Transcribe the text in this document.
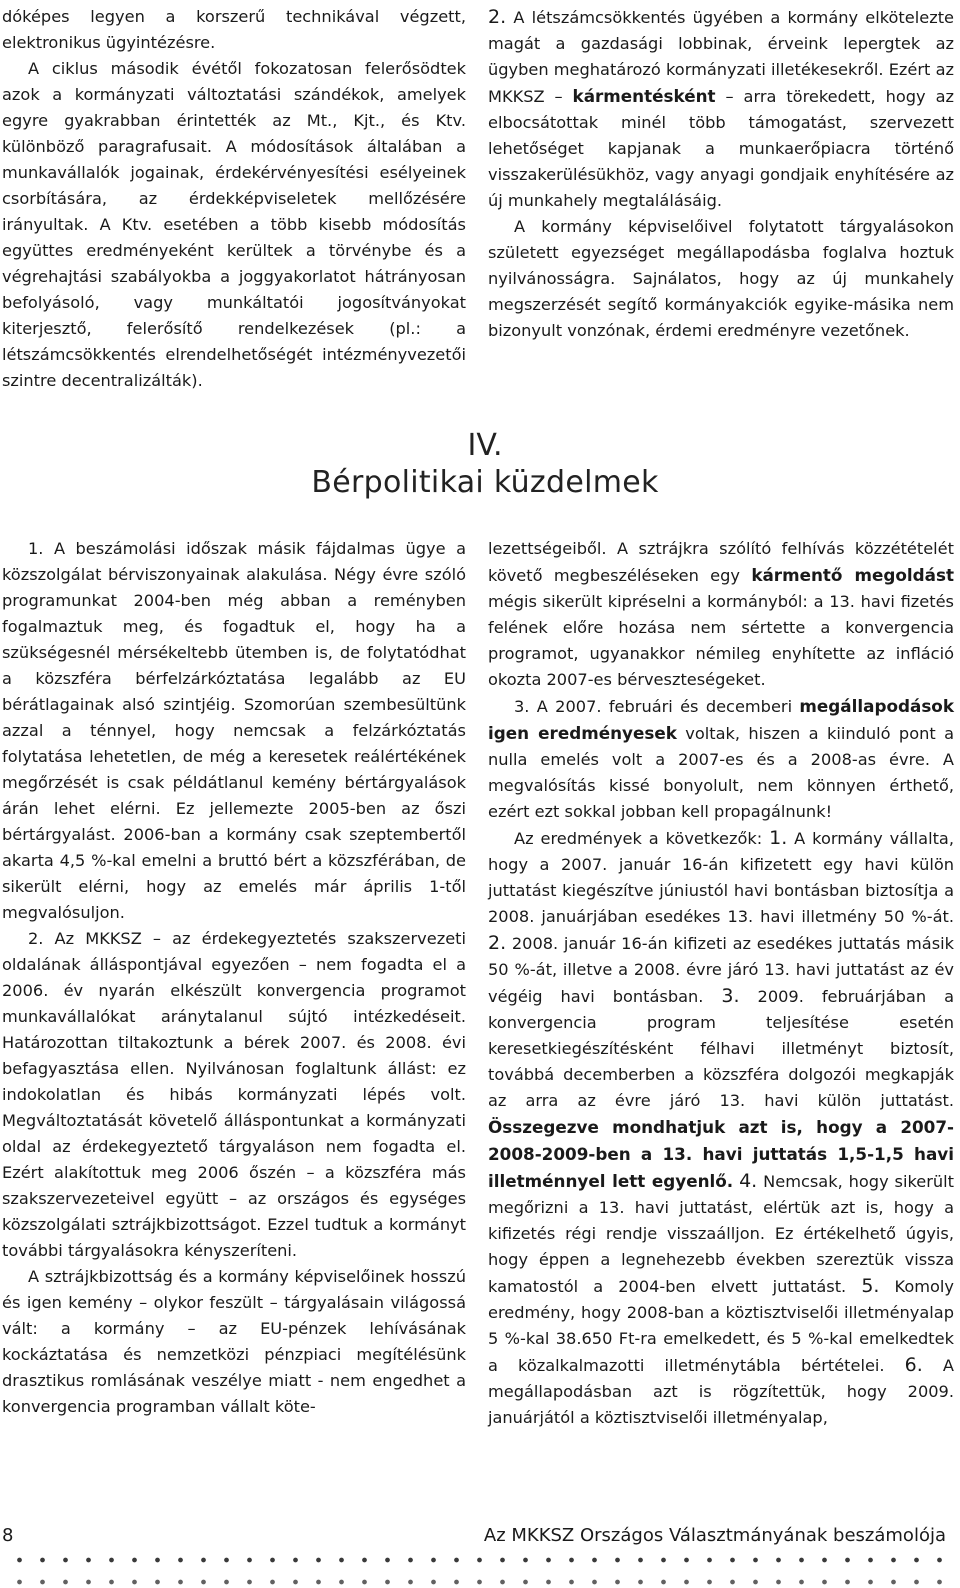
dóképes legyen a korszerű technikával végzett, elektronikus ügyintézésre.

A ciklus második évétől fokozatosan felerősödtek azok a kormányzati változtatási szándékok, amelyek egyre gyakrabban érintették az Mt., Kjt., és Ktv. különböző paragrafusait. A módosítások általában a munkavállalók jogainak, érdekérvényesítési esélyeinek csorbítására, az érdekképviseletek mellőzésére irányultak. A Ktv. esetében a több kisebb módosítás együttes eredményeként kerültek a törvénybe és a végrehajtási szabályokba a joggyakorlatot hátrányosan befolyásoló, vagy munkáltatói jogosítványokat kiterjesztő, felerősítő rendelkezések (pl.: a létszámcsökkentés elrendelhetőségét intézményvezetői szintre decentralizálták).

2. A létszámcsökkentés ügyében a kormány elkötelezte magát a gazdasági lobbinak, érveink lepergtek az ügyben meghatározó kormányzati illetékesekről. Ezért az MKKSZ – kármentésként – arra törekedett, hogy az elbocsátottak minél több támogatást, szervezett lehetőséget kapjanak a munkaerőpiacra történő visszakerülésükhöz, vagy anyagi gondjaik enyhítésére az új munkahely megtalálásáig.

A kormány képviselőivel folytatott tárgyalásokon született egyezséget megállapodásba foglalva hoztuk nyilvánosságra. Sajnálatos, hogy az új munkahely megszerzését segítő kormányakciók egyike-másika nem bizonyult vonzónak, érdemi eredményre vezetőnek.

IV.
Bérpolitikai küzdelmek

1. A beszámolási időszak másik fájdalmas ügye a közszolgálat bérviszonyainak alakulása. Négy évre szóló programunkat 2004-ben még abban a reményben fogalmaztuk meg, és fogadtuk el, hogy ha a szükségesnél mérsékeltebb ütemben is, de folytatódhat a közszféra bérfelzárkóztatása legalább az EU bérátlagainak alsó szintjéig. Szomorúan szembesültünk azzal a ténnyel, hogy nemcsak a felzárkóztatás folytatása lehetetlen, de még a keresetek reálértékének megőrzését is csak példátlanul kemény bértárgyalások árán lehet elérni. Ez jellemezte 2005-ben az őszi bértárgyalást. 2006-ban a kormány csak szeptembertől akarta 4,5 %-kal emelni a bruttó bért a közszférában, de sikerült elérni, hogy az emelés már április 1-től megvalósuljon.

2. Az MKKSZ – az érdekegyeztetés szakszervezeti oldalának álláspontjával egyezően – nem fogadta el a 2006. év nyarán elkészült konvergencia programot munkavállalókat aránytalanul sújtó intézkedéseit. Határozottan tiltakoztunk a bérek 2007. és 2008. évi befagyasztása ellen. Nyilvánosan foglaltunk állást: ez indokolatlan és hibás kormányzati lépés volt. Megváltoztatását követelő álláspontunkat a kormányzati oldal az érdekegyeztető tárgyaláson nem fogadta el. Ezért alakítottuk meg 2006 őszén – a közszféra más szakszervezeteivel együtt – az országos és egységes közszolgálati sztrájkbizottságot. Ezzel tudtuk a kormányt további tárgyalásokra kényszeríteni.

A sztrájkbizottság és a kormány képviselőinek hosszú és igen kemény – olykor feszült – tárgyalásain világossá vált: a kormány – az EU-pénzek lehívásának kockáztatása és nemzetközi pénzpiaci megítélésünk drasztikus romlásának veszélye miatt - nem engedhet a konvergencia programban vállalt köte-

lezettségeiből. A sztrájkra szólító felhívás közzétételét követő megbeszéléseken egy kármentő megoldást mégis sikerült kipréselni a kormányból: a 13. havi fizetés felének előre hozása nem sértette a konvergencia programot, ugyanakkor némileg enyhítette az infláció okozta 2007-es bérveszteségeket.

3. A 2007. februári és decemberi megállapodások igen eredményesek voltak, hiszen a kiinduló pont a nulla emelés volt a 2007-es és a 2008-as évre. A megvalósítás kissé bonyolult, nem könnyen érthető, ezért ezt sokkal jobban kell propagálnunk!

Az eredmények a következők: 1. A kormány vállalta, hogy a 2007. január 16-án kifizetett egy havi külön juttatást kiegészítve júniustól havi bontásban biztosítja a 2008. januárjában esedékes 13. havi illetmény 50 %-át. 2. 2008. január 16-án kifizeti az esedékes juttatás másik 50 %-át, illetve a 2008. évre járó 13. havi juttatást az év végéig havi bontásban. 3. 2009. februárjában a konvergencia program teljesítése esetén keresetkiegészítésként félhavi illetményt biztosít, továbbá decemberben a közszféra dolgozói megkapják az arra az évre járó 13. havi külön juttatást. Összegezve mondhatjuk azt is, hogy a 2007-2008-2009-ben a 13. havi juttatás 1,5-1,5 havi illetménnyel lett egyenlő. 4. Nemcsak, hogy sikerült megőrizni a 13. havi juttatást, elértük azt is, hogy a kifizetés régi rendje visszaálljon. Ez értékelhető úgyis, hogy éppen a legnehezebb években szereztük vissza kamatostól a 2004-ben elvett juttatást. 5. Komoly eredmény, hogy 2008-ban a köztisztviselői illetményalap 5 %-kal 38.650 Ft-ra emelkedett, és 5 %-kal emelkedtek a közalkalmazotti illetménytábla bértételei. 6. A megállapodásban azt is rögzítettük, hogy 2009. januárjától a köztisztviselői illetményalap,

8	Az MKKSZ Országos Választmányának beszámolója
